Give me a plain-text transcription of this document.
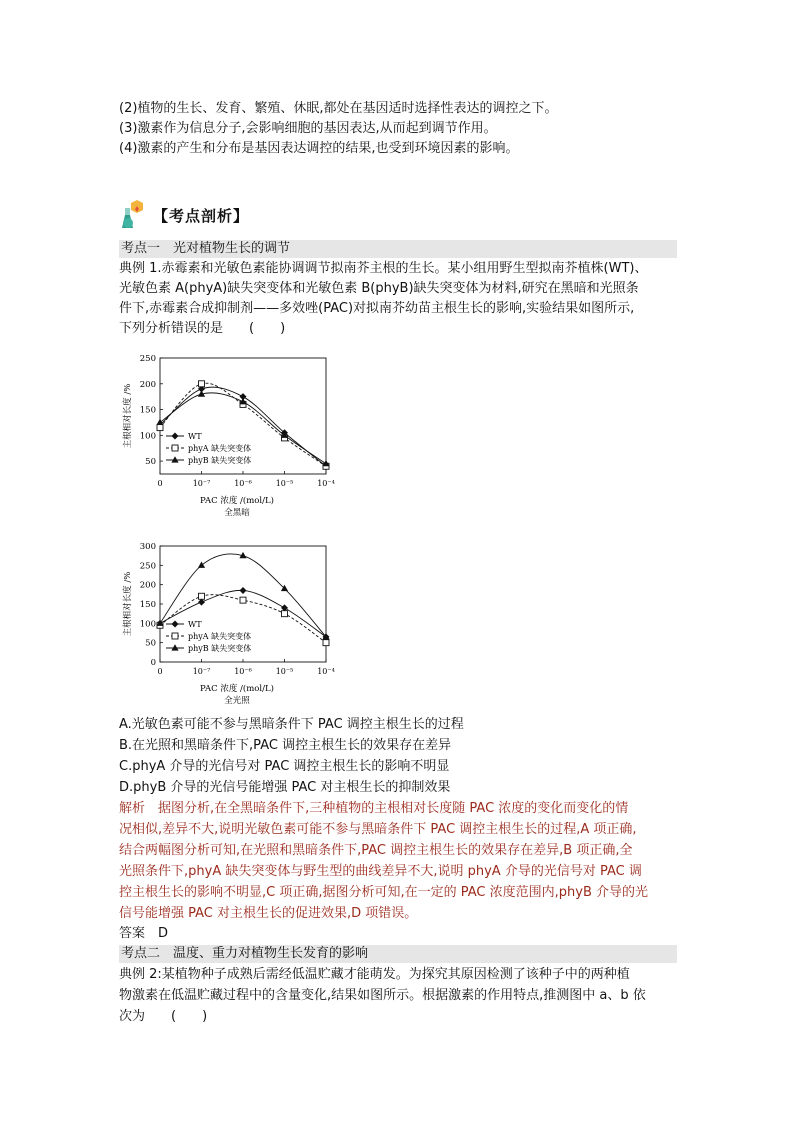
(2)植物的生长、发育、繁殖、休眠,都处在基因适时选择性表达的调控之下。
(3)激素作为信息分子,会影响细胞的基因表达,从而起到调节作用。
(4)激素的产生和分布是基因表达调控的结果,也受到环境因素的影响。
【考点剖析】
考点一　光对植物生长的调节
典例 1.赤霉素和光敏色素能协调调节拟南芥主根的生长。某小组用野生型拟南芥植株(WT)、
光敏色素 A(phyA)缺失突变体和光敏色素 B(phyB)缺失突变体为材料,研究在黑暗和光照条
件下,赤霉素合成抑制剂——多效唑(PAC)对拟南芥幼苗主根生长的影响,实验结果如图所示,
下列分析错误的是　　(　　)
主根相对长度 /%
50
100
150
200
250
0	10⁻⁷	10⁻⁶	10⁻⁵	10⁻⁴
WT
phyA 缺失突变体
phyB 缺失突变体
PAC 浓度 /(mol/L)
全黑暗
主根相对长度 /%
0
50
100
150
200
250
300
0	10⁻⁷	10⁻⁶	10⁻⁵	10⁻⁴
WT
phyA 缺失突变体
phyB 缺失突变体
PAC 浓度 /(mol/L)
全光照
A.光敏色素可能不参与黑暗条件下 PAC 调控主根生长的过程
B.在光照和黑暗条件下,PAC 调控主根生长的效果存在差异
C.phyA 介导的光信号对 PAC 调控主根生长的影响不明显
D.phyB 介导的光信号能增强 PAC 对主根生长的抑制效果
解析　据图分析,在全黑暗条件下,三种植物的主根相对长度随 PAC 浓度的变化而变化的情
况相似,差异不大,说明光敏色素可能不参与黑暗条件下 PAC 调控主根生长的过程,A 项正确,
结合两幅图分析可知,在光照和黑暗条件下,PAC 调控主根生长的效果存在差异,B 项正确,全
光照条件下,phyA 缺失突变体与野生型的曲线差异不大,说明 phyA 介导的光信号对 PAC 调
控主根生长的影响不明显,C 项正确,据图分析可知,在一定的 PAC 浓度范围内,phyB 介导的光
信号能增强 PAC 对主根生长的促进效果,D 项错误。
答案　D
考点二　温度、重力对植物生长发育的影响
典例 2:某植物种子成熟后需经低温贮藏才能萌发。为探究其原因检测了该种子中的两种植
物激素在低温贮藏过程中的含量变化,结果如图所示。根据激素的作用特点,推测图中 a、b 依
次为　　(　　)
